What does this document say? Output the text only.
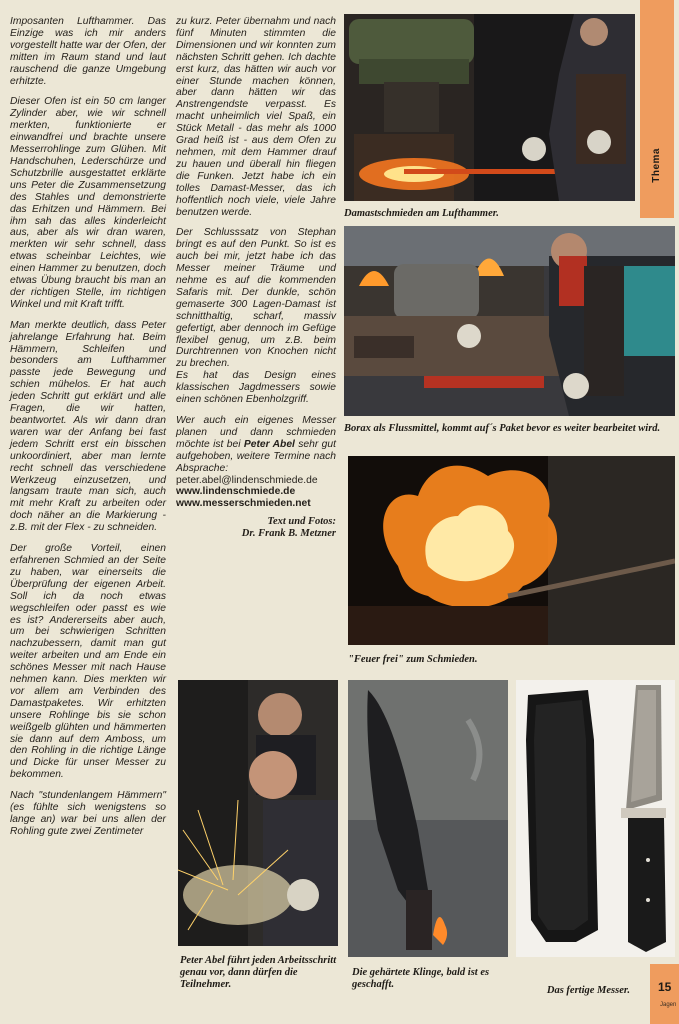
Imposanten Lufthammer. Das Einzige was ich mir anders vorgestellt hatte war der Ofen, der mitten im Raum stand und laut rauschend die ganze Umgebung erhitzte.

Dieser Ofen ist ein 50 cm langer Zylinder aber, wie wir schnell merkten, funktionierte er einwandfrei und brachte unsere Messerrohlinge zum Glühen. Mit Handschuhen, Lederschürze und Schutzbrille ausgestattet erklärte uns Peter die Zusammensetzung des Stahles und demonstrierte das Erhitzen und Hämmern. Bei ihm sah das alles kinderleicht aus, aber als wir dran waren, merkten wir sehr schnell, dass etwas scheinbar Leichtes, wie einen Hammer zu benutzen, doch etwas Übung braucht bis man an der richtigen Stelle, im richtigen Winkel und mit Kraft trifft.

Man merkte deutlich, dass Peter jahrelange Erfahrung hat. Beim Hämmern, Schleifen und besonders am Lufthammer passte jede Bewegung und schien mühelos. Er hat auch jeden Schritt gut erklärt und alle Fragen, die wir hatten, beantwortet. Als wir dann dran waren war der Anfang bei fast jedem Schritt erst ein bisschen unkoordiniert, aber man lernte recht schnell das verschiedene Werkzeug einzusetzen, und langsam traute man sich, auch mit mehr Kraft zu arbeiten oder doch näher an die Markierung - z.B. mit der Flex - zu schneiden.

Der große Vorteil, einen erfahrenen Schmied an der Seite zu haben, war einerseits die Überprüfung der eigenen Arbeit. Soll ich da noch etwas wegschleifen oder passt es wie es ist? Andererseits aber auch, um bei schwierigen Schritten nachzubessern, damit man gut weiter arbeiten und am Ende ein schönes Messer mit nach Hause nehmen kann. Dies merkten wir vor allem am Verbinden des Damastpaketes. Wir erhitzten unsere Rohlinge bis sie schon weißgelb glühten und hämmerten sie dann auf dem Amboss, um den Rohling in die richtige Länge und Dicke für unser Messer zu bekommen.

Nach "stundenlangem Hämmern" (es fühlte sich wenigstens so lange an) war bei uns allen der Rohling gute zwei Zentimeter

zu kurz. Peter übernahm und nach fünf Minuten stimmten die Dimensionen und wir konnten zum nächsten Schritt gehen. Ich dachte erst kurz, das hätten wir auch vor einer Stunde machen können, aber dann hätten wir das Anstrengendste verpasst. Es macht unheimlich viel Spaß, ein Stück Metall - das mehr als 1000 Grad heiß ist - aus dem Ofen zu nehmen, mit dem Hammer drauf zu hauen und überall hin fliegen die Funken. Jetzt habe ich ein tolles Damast-Messer, das ich hoffentlich noch viele, viele Jahre benutzen werde.

Der Schlusssatz von Stephan bringt es auf den Punkt. So ist es auch bei mir, jetzt habe ich das Messer meiner Träume und nehme es auf die kommenden Safaris mit. Der dunkle, schön gemaserte 300 Lagen-Damast ist schnitthaltig, scharf, massiv gefertigt, aber dennoch im Gefüge flexibel genug, um z.B. beim Durchtrennen von Knochen nicht zu brechen.

Es hat das Design eines klassischen Jagdmessers sowie einen schönen Ebenholzgriff.

Wer auch ein eigenes Messer planen und dann schmieden möchte ist bei Peter Abel sehr gut aufgehoben, weitere Termine nach Absprache:

peter.abel@lindenschmiede.de
www.lindenschmiede.de
www.messerschmieden.net
Text und Fotos:
Dr. Frank B. Metzner
Damastschmieden am Lufthammer.
Thema
Borax als Flussmittel, kommt auf´s Paket bevor es weiter bearbeitet wird.
"Feuer frei" zum Schmieden.
Peter Abel führt jeden Arbeitsschritt genau vor, dann dürfen die Teilnehmer.
Die gehärtete Klinge, bald ist es geschafft.
Das fertige Messer. 15
Jagen
